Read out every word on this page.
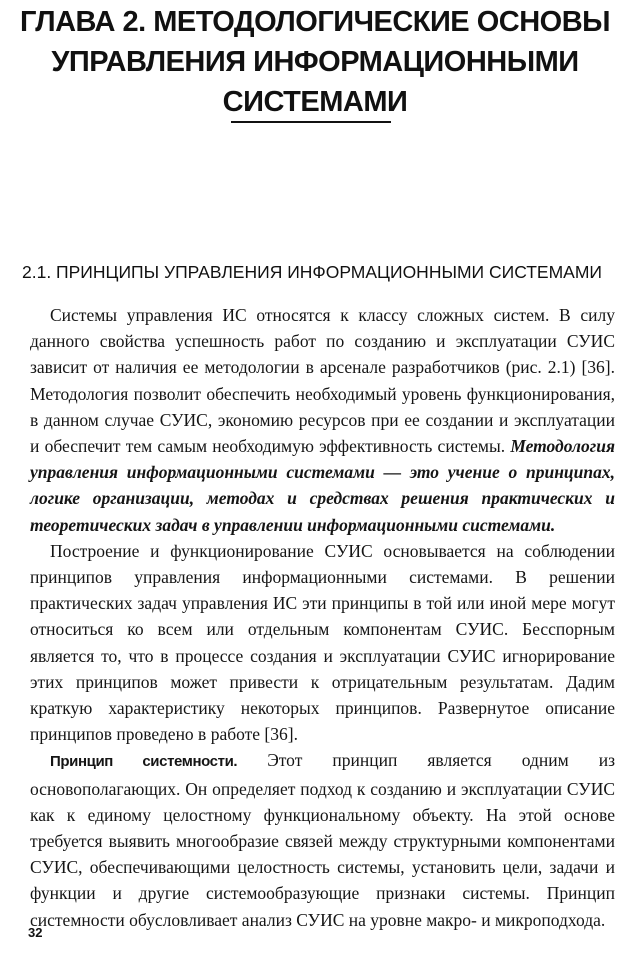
ГЛАВА 2. МЕТОДОЛОГИЧЕСКИЕ ОСНОВЫ
УПРАВЛЕНИЯ ИНФОРМАЦИОННЫМИ
СИСТЕМАМИ
2.1. ПРИНЦИПЫ УПРАВЛЕНИЯ ИНФОРМАЦИОННЫМИ СИСТЕМАМИ

Системы управления ИС относятся к классу сложных систем. В силу данного свойства успешность работ по созданию и эксплуатации СУИС зависит от наличия ее методологии в арсенале разработчиков (рис. 2.1) [36]. Методология позволит обеспечить необходимый уровень функционирования, в данном случае СУИС, экономию ресурсов при ее создании и эксплуатации и обеспечит тем самым необходимую эффективность системы. Методология управления информационными системами — это учение о принципах, логике организации, методах и средствах решения практических и теоретических задач в управлении информационными системами.

Построение и функционирование СУИС основывается на соблюдении принципов управления информационными системами. В решении практических задач управления ИС эти принципы в той или иной мере могут относиться ко всем или отдельным компонентам СУИС. Бесспорным является то, что в процессе создания и эксплуатации СУИС игнорирование этих принципов может привести к отрицательным результатам. Дадим краткую характеристику некоторых принципов. Развернутое описание принципов проведено в работе [36].

Принцип системности. Этот принцип является одним из основополагающих. Он определяет подход к созданию и эксплуатации СУИС как к единому целостному функциональному объекту. На этой основе требуется выявить многообразие связей между структурными компонентами СУИС, обеспечивающими целостность системы, установить цели, задачи и функции и другие системообразующие признаки системы. Принцип системности обусловливает анализ СУИС на уровне макро- и микроподхода.

32
